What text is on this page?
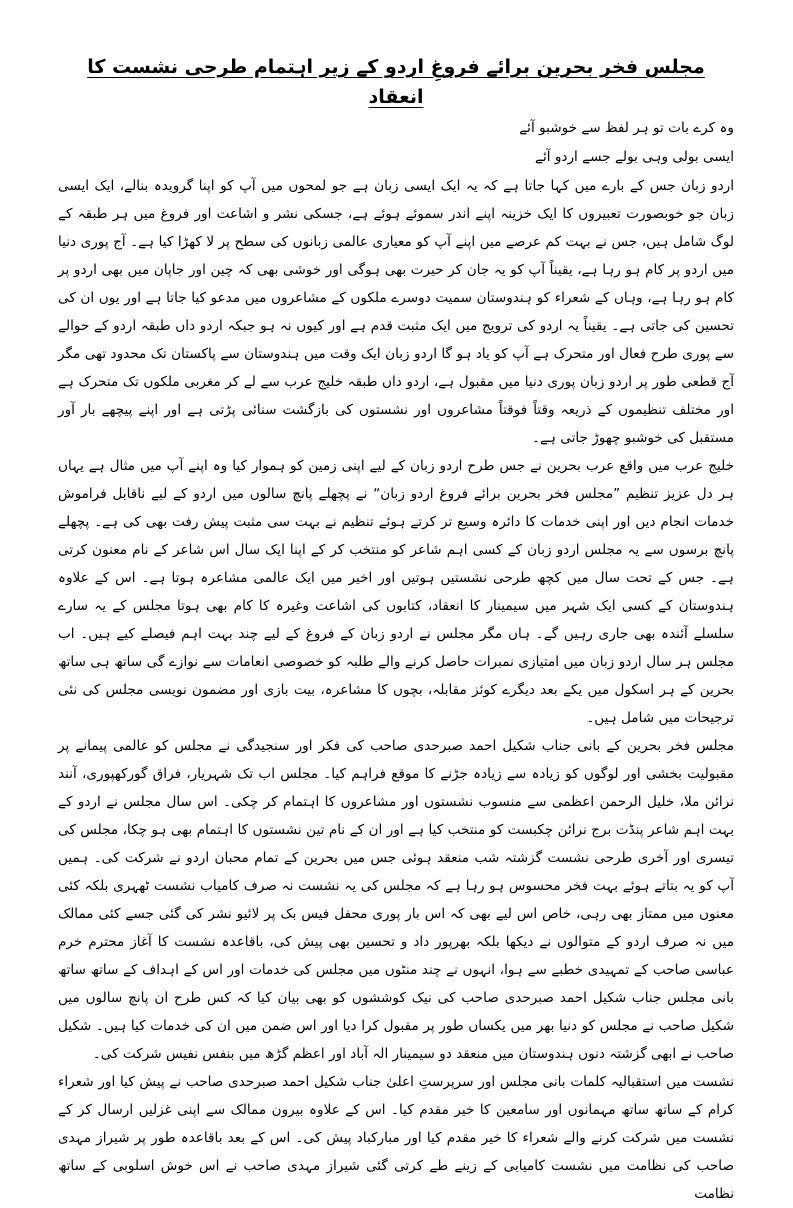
مجلس فخر بحرین برائے فروغِ اردو کے زیر اہتمام طرحی نشست کا انعقاد

وہ کرے بات تو ہر لفظ سے خوشبو آئے

ایسی بولی وہی بولے جسے اردو آئے

اردو زبان جس کے بارے میں کہا جاتا ہے کہ یہ ایک ایسی زبان ہے جو لمحوں میں آپ کو اپنا گرویدہ بنالے، ایک ایسی زبان جو خوبصورت تعبیروں کا ایک خزینہ اپنے اندر سموئے ہوئے ہے، جسکی نشر و اشاعت اور فروغ میں ہر طبقہ کے لوگ شامل ہیں، جس نے بہت کم عرصے میں اپنے آپ کو معیاری عالمی زبانوں کی سطح پر لا کھڑا کیا ہے۔ آج پوری دنیا میں اردو پر کام ہو رہا ہے، یقیناً آپ کو یہ جان کر حیرت بھی ہوگی اور خوشی بھی کہ چین اور جاپان میں بھی اردو پر کام ہو رہا ہے، وہاں کے شعراء کو ہندوستان سمیت دوسرے ملکوں کے مشاعروں میں مدعو کیا جاتا ہے اور یوں ان کی تحسین کی جاتی ہے۔ یقیناً یہ اردو کی ترویج میں ایک مثبت قدم ہے اور کیوں نہ ہو جبکہ اردو داں طبقہ اردو کے حوالے سے پوری طرح فعال اور متحرک ہے آپ کو یاد ہو گا اردو زبان ایک وقت میں ہندوستان سے پاکستان تک محدود تھی مگر آج قطعی طور پر اردو زبان پوری دنیا میں مقبول ہے، اردو داں طبقہ خلیج عرب سے لے کر مغربی ملکوں تک متحرک ہے اور مختلف تنظیموں کے ذریعہ وقتاً فوقتاً مشاعروں اور نشستوں کی بازگشت سنائی پڑتی ہے اور اپنے پیچھے بار آور مستقبل کی خوشبو چھوڑ جاتی ہے۔

خلیج عرب میں واقع عرب بحرین نے جس طرح اردو زبان کے لیے اپنی زمین کو ہموار کیا وہ اپنے آپ میں مثال ہے یہاں ہر دل عزیز تنظیم ”مجلس فخر بحرین برائے فروغ اردو زبان“ نے پچھلے پانچ سالوں میں اردو کے لیے ناقابل فراموش خدمات انجام دیں اور اپنی خدمات کا دائرہ وسیع تر کرتے ہوئے تنظیم نے بہت سی مثبت پیش رفت بھی کی ہے۔ پچھلے پانچ برسوں سے یہ مجلس اردو زبان کے کسی اہم شاعر کو منتخب کر کے اپنا ایک سال اس شاعر کے نام معنون کرتی ہے۔ جس کے تحت سال میں کچھ طرحی نشستیں ہوتیں اور اخیر میں ایک عالمی مشاعرہ ہوتا ہے۔ اس کے علاوہ ہندوستان کے کسی ایک شہر میں سیمینار کا انعقاد، کتابوں کی اشاعت وغیرہ کا کام بھی ہوتا مجلس کے یہ سارے سلسلے آئندہ بھی جاری رہیں گے۔ ہاں مگر مجلس نے اردو زبان کے فروغ کے لیے چند بہت اہم فیصلے کیے ہیں۔ اب مجلس ہر سال اردو زبان میں امتیازی نمبرات حاصل کرنے والے طلبہ کو خصوصی انعامات سے نوازے گی ساتھ ہی ساتھ بحرین کے ہر اسکول میں یکے بعد دیگرے کوئز مقابلہ، بچوں کا مشاعرہ، بیت بازی اور مضمون نویسی مجلس کی نئی ترجیحات میں شامل ہیں۔

مجلس فخر بحرین کے بانی جناب شکیل احمد صبرحدی صاحب کی فکر اور سنجیدگی نے مجلس کو عالمی پیمانے پر مقبولیت بخشی اور لوگوں کو زیادہ سے زیادہ جڑنے کا موقع فراہم کیا۔ مجلس اب تک شہریار، فراق گورکھپوری، آنند نرائن ملا، خلیل الرحمن اعظمی سے منسوب نشستوں اور مشاعروں کا اہتمام کر چکی۔ اس سال مجلس نے اردو کے بہت اہم شاعر پنڈت برج نرائن چکبست کو منتخب کیا ہے اور ان کے نام تین نشستوں کا اہتمام بھی ہو چکا، مجلس کی تیسری اور آخری طرحی نشست گزشتہ شب منعقد ہوئی جس میں بحرین کے تمام محبان اردو نے شرکت کی۔ ہمیں آپ کو یہ بتاتے ہوئے بہت فخر محسوس ہو رہا ہے کہ مجلس کی یہ نشست نہ صرف کامیاب نشست ٹھہری بلکہ کئی معنوں میں ممتاز بھی رہی، خاص اس لیے بھی کہ اس بار پوری محفل فیس بک پر لائیو نشر کی گئی جسے کئی ممالک میں نہ صرف اردو کے متوالوں نے دیکھا بلکہ بھرپور داد و تحسین بھی پیش کی، باقاعدہ نشست کا آغاز محترم خرم عباسی صاحب کے تمہیدی خطبے سے ہوا، انہوں نے چند منٹوں میں مجلس کی خدمات اور اس کے اہداف کے ساتھ ساتھ بانی مجلس جناب شکیل احمد صبرحدی صاحب کی نیک کوششوں کو بھی بیان کیا کہ کس طرح ان پانچ سالوں میں شکیل صاحب نے مجلس کو دنیا بھر میں یکساں طور پر مقبول کرا دیا اور اس ضمن میں ان کی خدمات کیا ہیں۔ شکیل صاحب نے ابھی گزشتہ دنوں ہندوستان میں منعقد دو سیمینار الہ آباد اور اعظم گڑھ میں بنفس نفیس شرکت کی۔

نشست میں استقبالیہ کلمات بانی مجلس اور سرپرستِ اعلیٰ جناب شکیل احمد صبرحدی صاحب نے پیش کیا اور شعراء کرام کے ساتھ ساتھ مہمانوں اور سامعین کا خیر مقدم کیا۔ اس کے علاوہ بیرون ممالک سے اپنی غزلیں ارسال کر کے نشست میں شرکت کرنے والے شعراء کا خیر مقدم کیا اور مبارکباد پیش کی۔ اس کے بعد باقاعدہ طور پر شیراز مہدی صاحب کی نظامت میں نشست کامیابی کے زینے طے کرتی گئی شیراز مہدی صاحب نے اس خوش اسلوبی کے ساتھ نظامت
